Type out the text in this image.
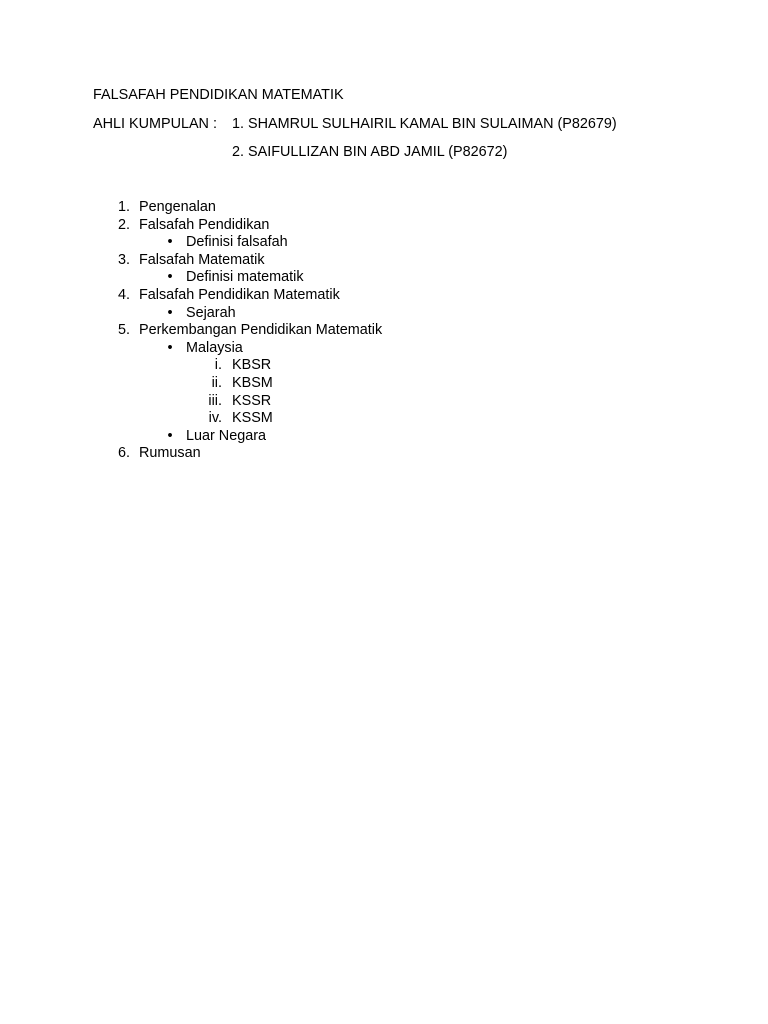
FALSAFAH PENDIDIKAN MATEMATIK
AHLI KUMPULAN : 1. SHAMRUL SULHAIRIL KAMAL BIN SULAIMAN (P82679)
2. SAIFULLIZAN BIN ABD JAMIL (P82672)
1. Pengenalan
2. Falsafah Pendidikan
• Definisi falsafah
3. Falsafah Matematik
• Definisi matematik
4. Falsafah Pendidikan Matematik
• Sejarah
5. Perkembangan Pendidikan Matematik
• Malaysia
i. KBSR
ii. KBSM
iii. KSSR
iv. KSSM
• Luar Negara
6. Rumusan
